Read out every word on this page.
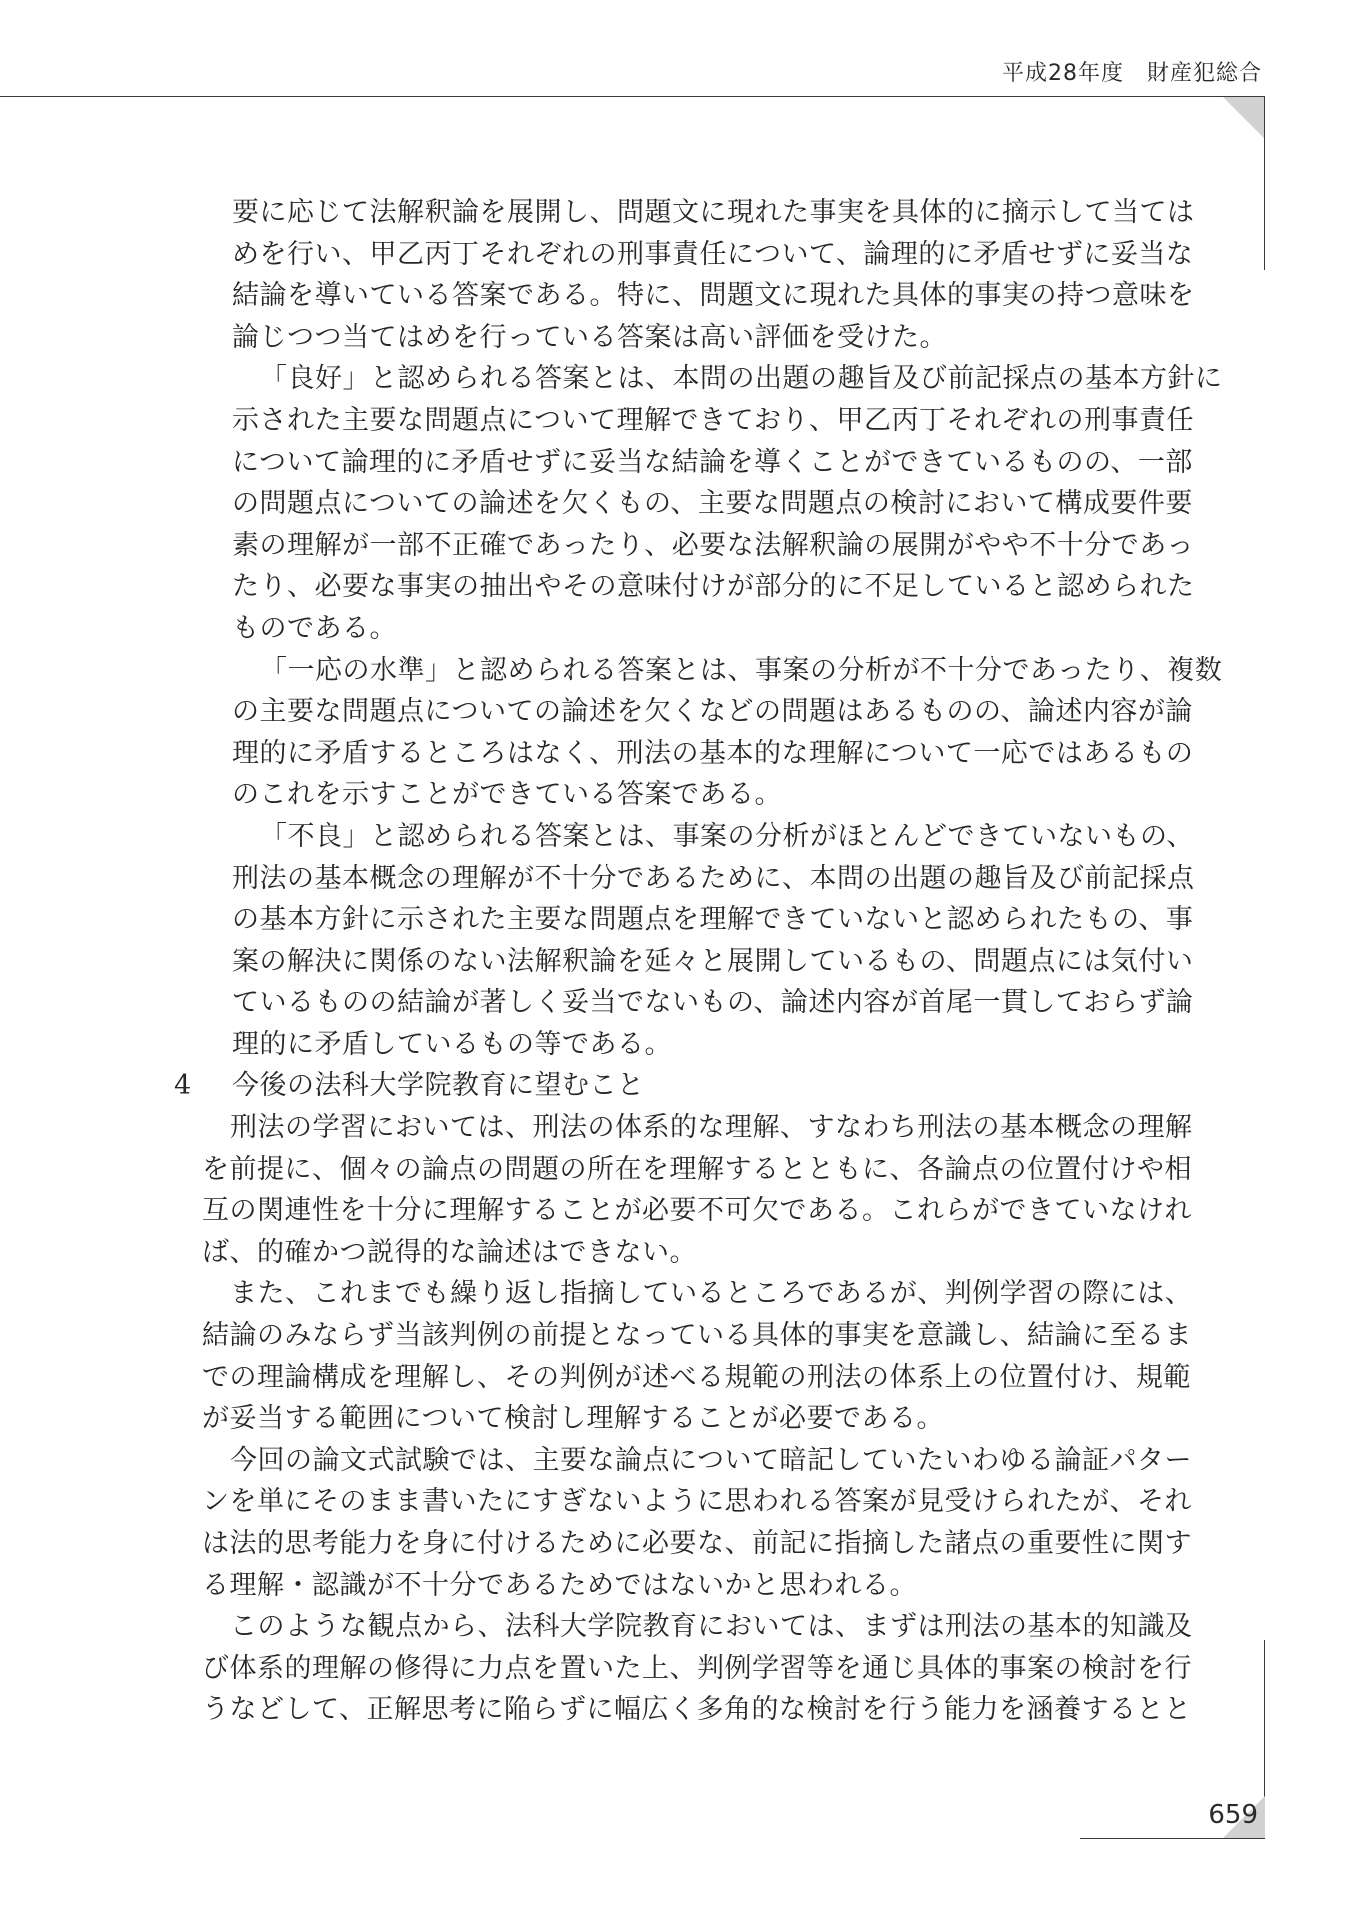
平成28年度　財産犯総合
要に応じて法解釈論を展開し、問題文に現れた事実を具体的に摘示して当ては
めを行い、甲乙丙丁それぞれの刑事責任について、論理的に矛盾せずに妥当な
結論を導いている答案である。特に、問題文に現れた具体的事実の持つ意味を
論じつつ当てはめを行っている答案は高い評価を受けた。
「良好」と認められる答案とは、本問の出題の趣旨及び前記採点の基本方針に
示された主要な問題点について理解できており、甲乙丙丁それぞれの刑事責任
について論理的に矛盾せずに妥当な結論を導くことができているものの、一部
の問題点についての論述を欠くもの、主要な問題点の検討において構成要件要
素の理解が一部不正確であったり、必要な法解釈論の展開がやや不十分であっ
たり、必要な事実の抽出やその意味付けが部分的に不足していると認められた
ものである。
「一応の水準」と認められる答案とは、事案の分析が不十分であったり、複数
の主要な問題点についての論述を欠くなどの問題はあるものの、論述内容が論
理的に矛盾するところはなく、刑法の基本的な理解について一応ではあるもの
のこれを示すことができている答案である。
「不良」と認められる答案とは、事案の分析がほとんどできていないもの、
刑法の基本概念の理解が不十分であるために、本問の出題の趣旨及び前記採点
の基本方針に示された主要な問題点を理解できていないと認められたもの、事
案の解決に関係のない法解釈論を延々と展開しているもの、問題点には気付い
ているものの結論が著しく妥当でないもの、論述内容が首尾一貫しておらず論
理的に矛盾しているもの等である。
4 今後の法科大学院教育に望むこと
刑法の学習においては、刑法の体系的な理解、すなわち刑法の基本概念の理解
を前提に、個々の論点の問題の所在を理解するとともに、各論点の位置付けや相
互の関連性を十分に理解することが必要不可欠である。これらができていなけれ
ば、的確かつ説得的な論述はできない。
また、これまでも繰り返し指摘しているところであるが、判例学習の際には、
結論のみならず当該判例の前提となっている具体的事実を意識し、結論に至るま
での理論構成を理解し、その判例が述べる規範の刑法の体系上の位置付け、規範
が妥当する範囲について検討し理解することが必要である。
今回の論文式試験では、主要な論点について暗記していたいわゆる論証パター
ンを単にそのまま書いたにすぎないように思われる答案が見受けられたが、それ
は法的思考能力を身に付けるために必要な、前記に指摘した諸点の重要性に関す
る理解・認識が不十分であるためではないかと思われる。
このような観点から、法科大学院教育においては、まずは刑法の基本的知識及
び体系的理解の修得に力点を置いた上、判例学習等を通じ具体的事案の検討を行
うなどして、正解思考に陥らずに幅広く多角的な検討を行う能力を涵養するとと
659
